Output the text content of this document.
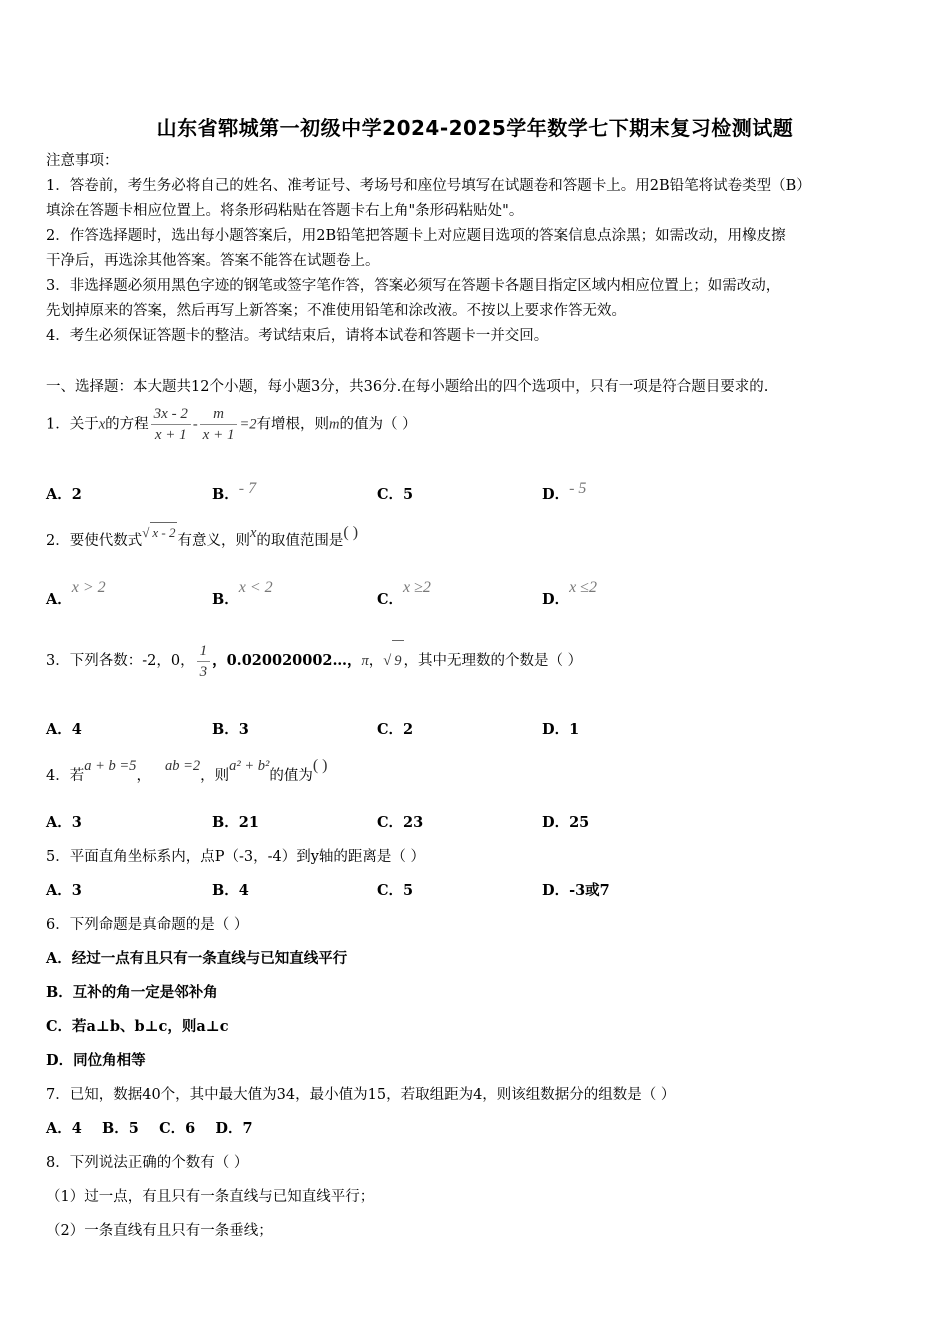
山东省郓城第一初级中学2024-2025学年数学七下期末复习检测试题
注意事项：
1．答卷前，考生务必将自己的姓名、准考证号、考场号和座位号填写在试题卷和答题卡上。用2B铅笔将试卷类型（B）
填涂在答题卡相应位置上。将条形码粘贴在答题卡右上角"条形码粘贴处"。
2．作答选择题时，选出每小题答案后，用2B铅笔把答题卡上对应题目选项的答案信息点涂黑；如需改动，用橡皮擦
干净后，再选涂其他答案。答案不能答在试题卷上。
3．非选择题必须用黑色字迹的钢笔或签字笔作答，答案必须写在答题卡各题目指定区域内相应位置上；如需改动，
先划掉原来的答案，然后再写上新答案；不准使用铅笔和涂改液。不按以上要求作答无效。
4．考生必须保证答题卡的整洁。考试结束后，请将本试卷和答题卡一并交回。
一、选择题：本大题共12个小题，每小题3分，共36分.在每小题给出的四个选项中，只有一项是符合题目要求的.
1．关于x的方程 $\frac{3x - 2}{x + 1} - \frac{m}{x + 1} =2$有增根，则m的值为（ ）
A．2	B．- 7	C．5	D．- 5
2．要使代数式√ x - 2有意义，则x的取值范围是( )
A．x > 2
B．x < 2
C．x ≥2
D．x ≤2
3．下列各数：-2，0， $\frac{1}{3}$ ，0.020020002…，π，√ 9 ，其中无理数的个数是（ ）
A．4	B．3	C．2	D．1
4．若a + b =5，ab =2，则a² + b²的值为( )
A．3	B．21	C．23	D．25
5．平面直角坐标系内，点P（-3，-4）到y轴的距离是（ ）
A．3	B．4	C．5	D．-3或7
6．下列命题是真命题的是（ ）
A．经过一点有且只有一条直线与已知直线平行
B．互补的角一定是邻补角
C．若a⊥b、b⊥c，则a⊥c
D．同位角相等
7．已知，数据40个，其中最大值为34，最小值为15，若取组距为4，则该组数据分的组数是（ ）
A．4    B．5    C．6    D．7
8．下列说法正确的个数有（ ）
（1）过一点，有且只有一条直线与已知直线平行；
（2）一条直线有且只有一条垂线；
